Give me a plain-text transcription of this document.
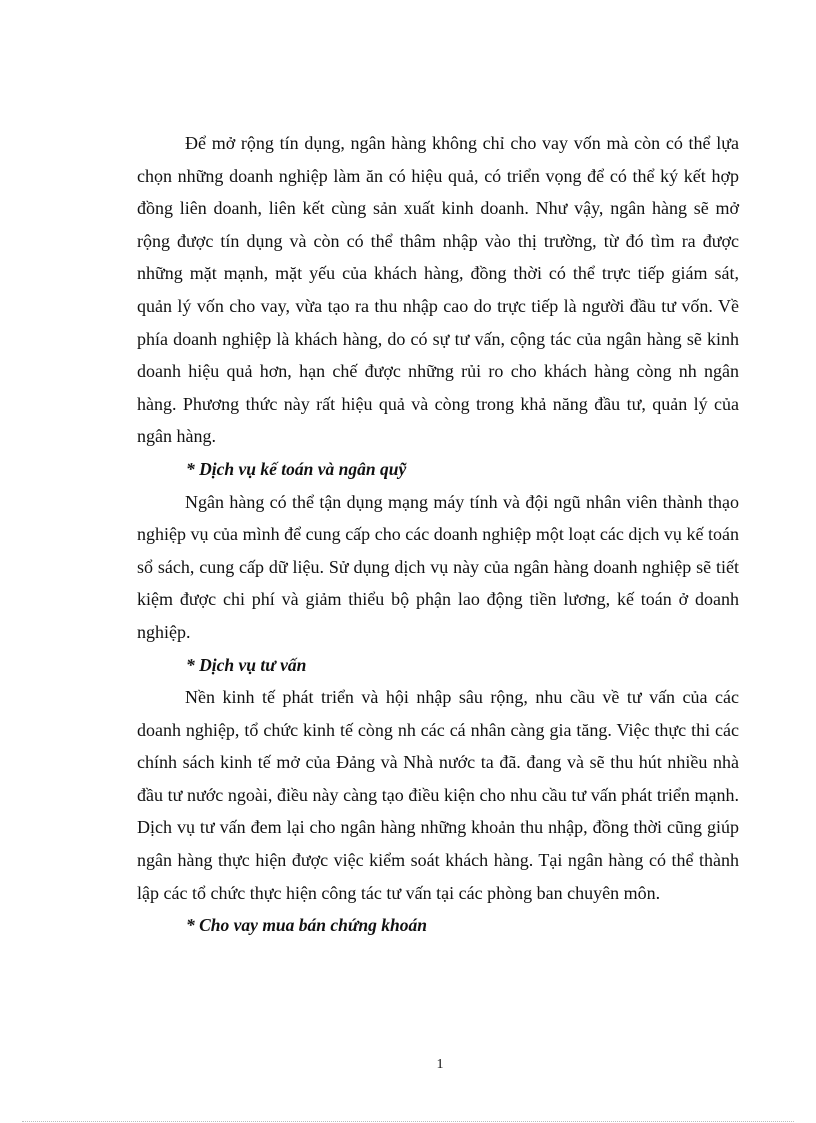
Để mở rộng tín dụng, ngân hàng không chỉ cho vay vốn mà còn có thể lựa chọn những doanh nghiệp làm ăn có hiệu quả, có triển vọng để có thể ký kết hợp đồng liên doanh, liên kết cùng sản xuất kinh doanh. Như vậy, ngân hàng sẽ mở rộng được tín dụng và còn có thể thâm nhập vào thị trường, từ đó tìm ra được những mặt mạnh, mặt yếu của khách hàng, đồng thời có thể trực tiếp giám sát, quản lý vốn cho vay, vừa tạo ra thu nhập cao do trực tiếp là người đầu tư vốn. Về phía doanh nghiệp là khách hàng, do có sự tư vấn, cộng tác của ngân hàng sẽ kinh doanh hiệu quả hơn, hạn chế được những rủi ro cho khách hàng còng nh ngân hàng. Phương thức này rất hiệu quả và còng trong khả năng đầu tư, quản lý của ngân hàng.

* Dịch vụ kế toán và ngân quỹ

Ngân hàng có thể tận dụng mạng máy tính và đội ngũ nhân viên thành thạo nghiệp vụ của mình để cung cấp cho các doanh nghiệp một loạt các dịch vụ kế toán sổ sách, cung cấp dữ liệu. Sử dụng dịch vụ này của ngân hàng doanh nghiệp sẽ tiết kiệm được chi phí và giảm thiểu bộ phận lao động tiền lương, kế toán ở doanh nghiệp.

* Dịch vụ tư vấn

Nền kinh tế phát triển và hội nhập sâu rộng, nhu cầu về tư vấn của các doanh nghiệp, tổ chức kinh tế còng nh các cá nhân càng gia tăng. Việc thực thi các chính sách kinh tế mở của Đảng và Nhà nước ta đã. đang và sẽ thu hút nhiều nhà đầu tư nước ngoài, điều này càng tạo điều kiện cho nhu cầu tư vấn phát triển mạnh. Dịch vụ tư vấn đem lại cho ngân hàng những khoản thu nhập, đồng thời cũng giúp ngân hàng thực hiện được việc kiểm soát khách hàng. Tại ngân hàng có thể thành lập các tổ chức thực hiện công tác tư vấn tại các phòng ban chuyên môn.

* Cho vay mua bán chứng khoán

1
